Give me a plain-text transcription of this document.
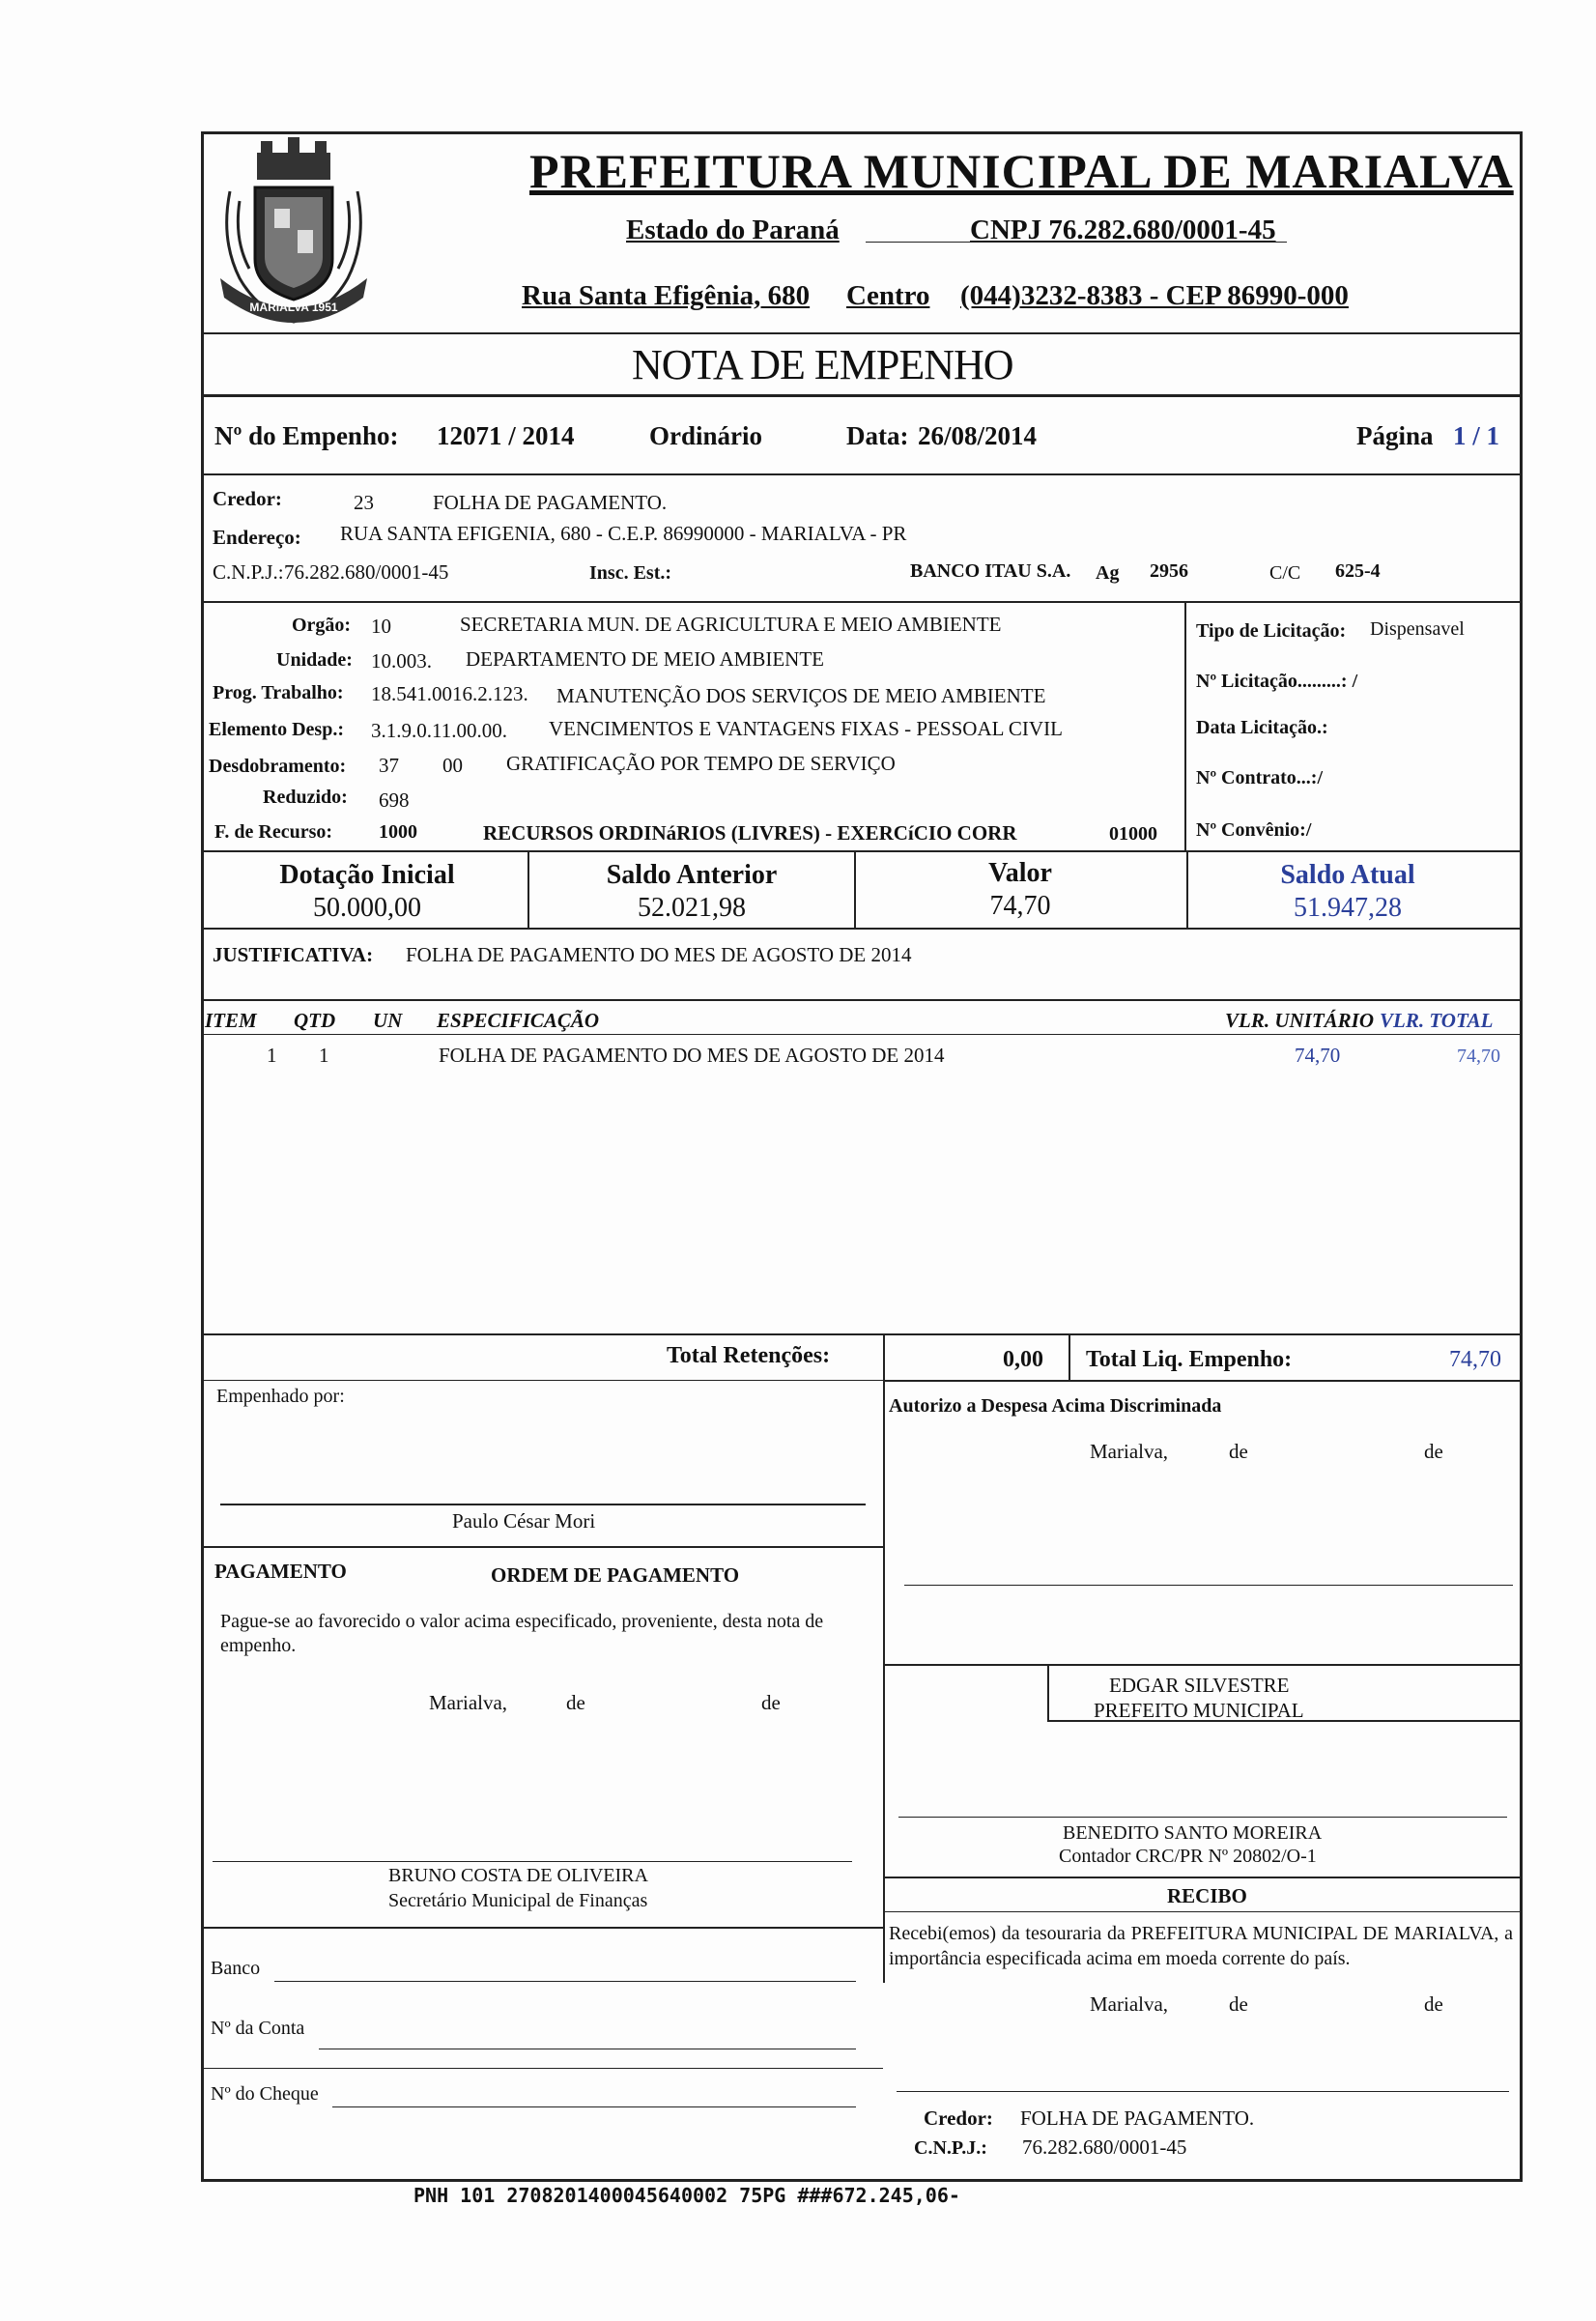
MARIALVA 1951
PREFEITURA MUNICIPAL DE MARIALVA
Estado do Paraná	CNPJ 76.282.680/0001-45
Rua Santa Efigênia, 680 Centro (044)3232-8383 - CEP 86990-000
NOTA DE EMPENHO
Nº do Empenho: 12071 / 2014	Ordinário	Data: 26/08/2014	Página 1 / 1
Credor:	23	FOLHA DE PAGAMENTO.
Endereço: RUA SANTA EFIGENIA, 680 - C.E.P. 86990000 - MARIALVA - PR
C.N.P.J.: 76.282.680/0001-45	Insc. Est.:	BANCO ITAU S.A. Ag 2956	C/C 625-4
Orgão: 10	SECRETARIA MUN. DE AGRICULTURA E MEIO AMBIENTE
Unidade: 10.003. DEPARTAMENTO DE MEIO AMBIENTE
Prog. Trabalho: 18.541.0016.2.123. MANUTENÇÃO DOS SERVIÇOS DE MEIO AMBIENTE
Elemento Desp.: 3.1.9.0.11.00.00. VENCIMENTOS E VANTAGENS FIXAS - PESSOAL CIVIL
Desdobramento: 37 00 GRATIFICAÇÃO POR TEMPO DE SERVIÇO
Reduzido: 698
F. de Recurso: 1000	RECURSOS ORDINáRIOS (LIVRES) - EXERCíCIO CORR	01000
Tipo de Licitação: Dispensavel
Nº Licitação.........: /
Data Licitação.:
Nº Contrato...:/
Nº Convênio:/
Dotação Inicial
50.000,00
Saldo Anterior
52.021,98
Valor
74,70
Saldo Atual
51.947,28
JUSTIFICATIVA: FOLHA DE PAGAMENTO DO MES DE AGOSTO DE 2014
ITEM QTD UN ESPECIFICAÇÃO	VLR. UNITÁRIO VLR. TOTAL
1 1	FOLHA DE PAGAMENTO DO MES DE AGOSTO DE 2014	74,70	74,70
Total Retenções:	0,00 Total Liq. Empenho:	74,70
Empenhado por:
Paulo César Mori
Autorizo a Despesa Acima Discriminada
Marialva,	de	de
PAGAMENTO	ORDEM DE PAGAMENTO
Pague-se ao favorecido o valor acima especificado, proveniente, desta nota de empenho.
Marialva,	de	de
EDGAR SILVESTRE
PREFEITO MUNICIPAL
BENEDITO SANTO MOREIRA
Contador CRC/PR Nº 20802/O-1
BRUNO COSTA DE OLIVEIRA
Secretário Municipal de Finanças	RECIBO
Recebi(emos) da tesouraria da PREFEITURA MUNICIPAL DE MARIALVA, a importância especificada acima em moeda corrente do país.
Marialva,	de	de
Credor: FOLHA DE PAGAMENTO.
C.N.P.J.: 76.282.680/0001-45
Banco
Nº da Conta
Nº do Cheque
PNH 101 2708201400045640002 75PG ###672.245,06-
